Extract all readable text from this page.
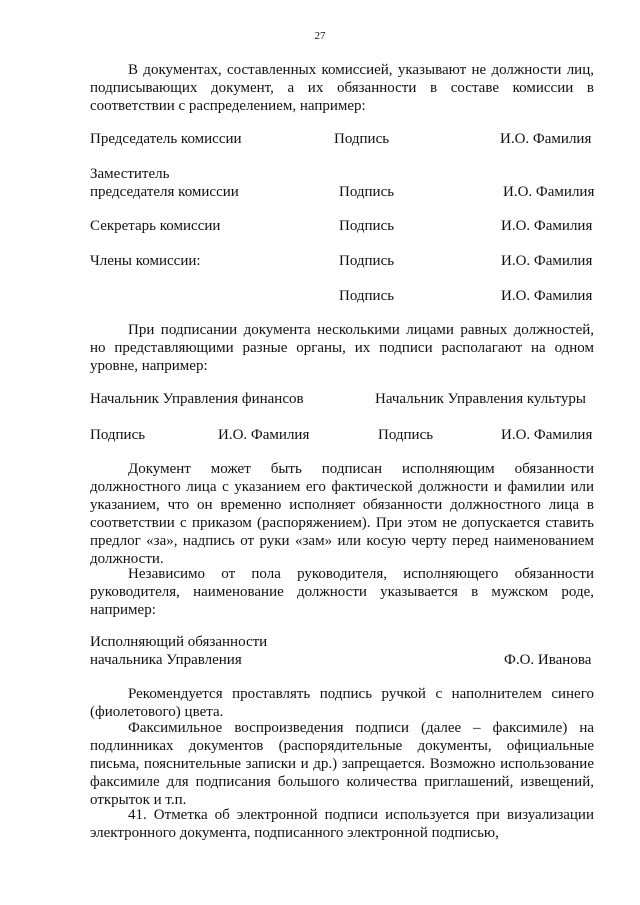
27

В документах, составленных комиссией, указывают не должности лиц, подписывающих документ, а их обязанности в составе комиссии в соответствии с распределением, например:

Председатель комиссии	Подпись	И.О. Фамилия
Заместитель
председателя комиссии	Подпись	И.О. Фамилия
Секретарь комиссии	Подпись	И.О. Фамилия
Члены комиссии:	Подпись	И.О. Фамилия
Подпись	И.О. Фамилия

При подписании документа несколькими лицами равных должностей, но представляющими разные органы, их подписи располагают на одном уровне, например:

Начальник Управления финансов	Начальник Управления культуры
Подпись	И.О. Фамилия	Подпись	И.О. Фамилия

Документ может быть подписан исполняющим обязанности должностного лица с указанием его фактической должности и фамилии или указанием, что он временно исполняет обязанности должностного лица в соответствии с приказом (распоряжением). При этом не допускается ставить предлог «за», надпись от руки «зам» или косую черту перед наименованием должности.

Независимо от пола руководителя, исполняющего обязанности руководителя, наименование должности указывается в мужском роде, например:

Исполняющий обязанности
начальника Управления	Ф.О. Иванова

Рекомендуется проставлять подпись ручкой с наполнителем синего (фиолетового) цвета.

Факсимильное воспроизведения подписи (далее – факсимиле) на подлинниках документов (распорядительные документы, официальные письма, пояснительные записки и др.) запрещается. Возможно использование факсимиле для подписания большого количества приглашений, извещений, открыток и т.п.

41. Отметка об электронной подписи используется при визуализации электронного документа, подписанного электронной подписью,
